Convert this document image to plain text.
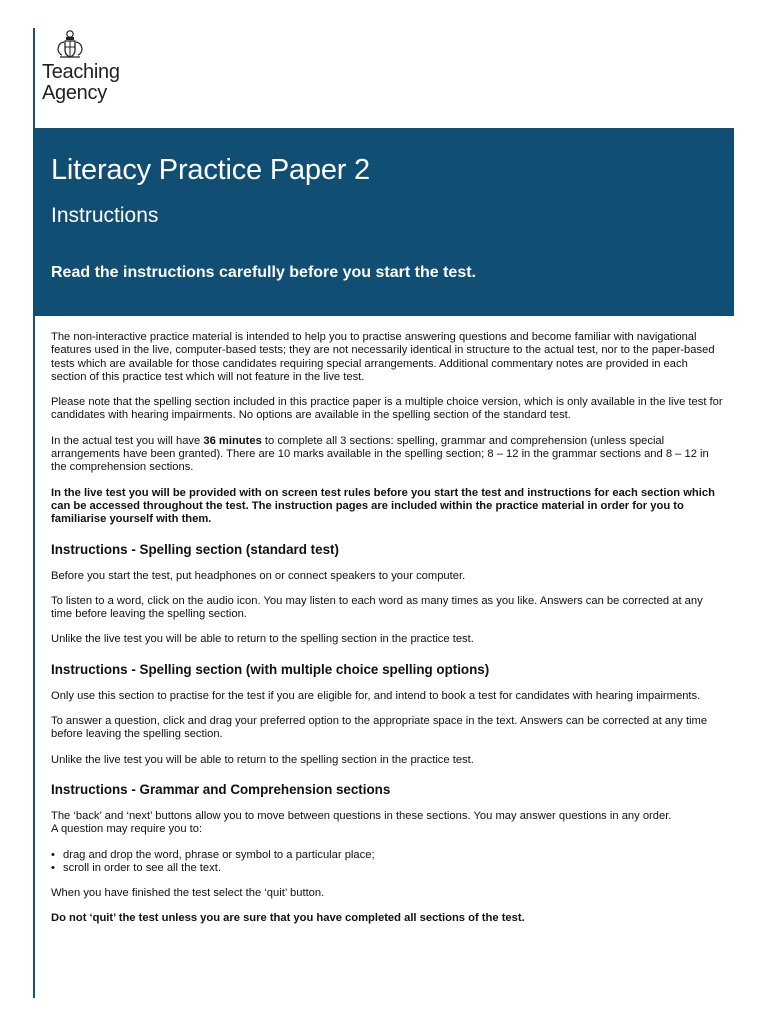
Teaching
Agency
Literacy Practice Paper 2
Instructions

Read the instructions carefully before you start the test.

The non-interactive practice material is intended to help you to practise answering questions and become familiar with navigational features used in the live, computer-based tests; they are not necessarily identical in structure to the actual test, nor to the paper-based tests which are available for those candidates requiring special arrangements. Additional commentary notes are provided in each section of this practice test which will not feature in the live test.

Please note that the spelling section included in this practice paper is a multiple choice version, which is only available in the live test for candidates with hearing impairments. No options are available in the spelling section of the standard test.

In the actual test you will have 36 minutes to complete all 3 sections: spelling, grammar and comprehension (unless special arrangements have been granted). There are 10 marks available in the spelling section; 8 – 12 in the grammar sections and 8 – 12 in the comprehension sections.

In the live test you will be provided with on screen test rules before you start the test and instructions for each section which can be accessed throughout the test. The instruction pages are included within the practice material in order for you to familiarise yourself with them.

Instructions - Spelling section (standard test)

Before you start the test, put headphones on or connect speakers to your computer.

To listen to a word, click on the audio icon. You may listen to each word as many times as you like. Answers can be corrected at any time before leaving the spelling section.

Unlike the live test you will be able to return to the spelling section in the practice test.

Instructions - Spelling section (with multiple choice spelling options)

Only use this section to practise for the test if you are eligible for, and intend to book a test for candidates with hearing impairments.

To answer a question, click and drag your preferred option to the appropriate space in the text. Answers can be corrected at any time before leaving the spelling section.

Unlike the live test you will be able to return to the spelling section in the practice test.

Instructions - Grammar and Comprehension sections

The ‘back’ and ‘next’ buttons allow you to move between questions in these sections. You may answer questions in any order.
A question may require you to:

• drag and drop the word, phrase or symbol to a particular place;
• scroll in order to see all the text.

When you have finished the test select the ‘quit’ button.

Do not ‘quit’ the test unless you are sure that you have completed all sections of the test.
